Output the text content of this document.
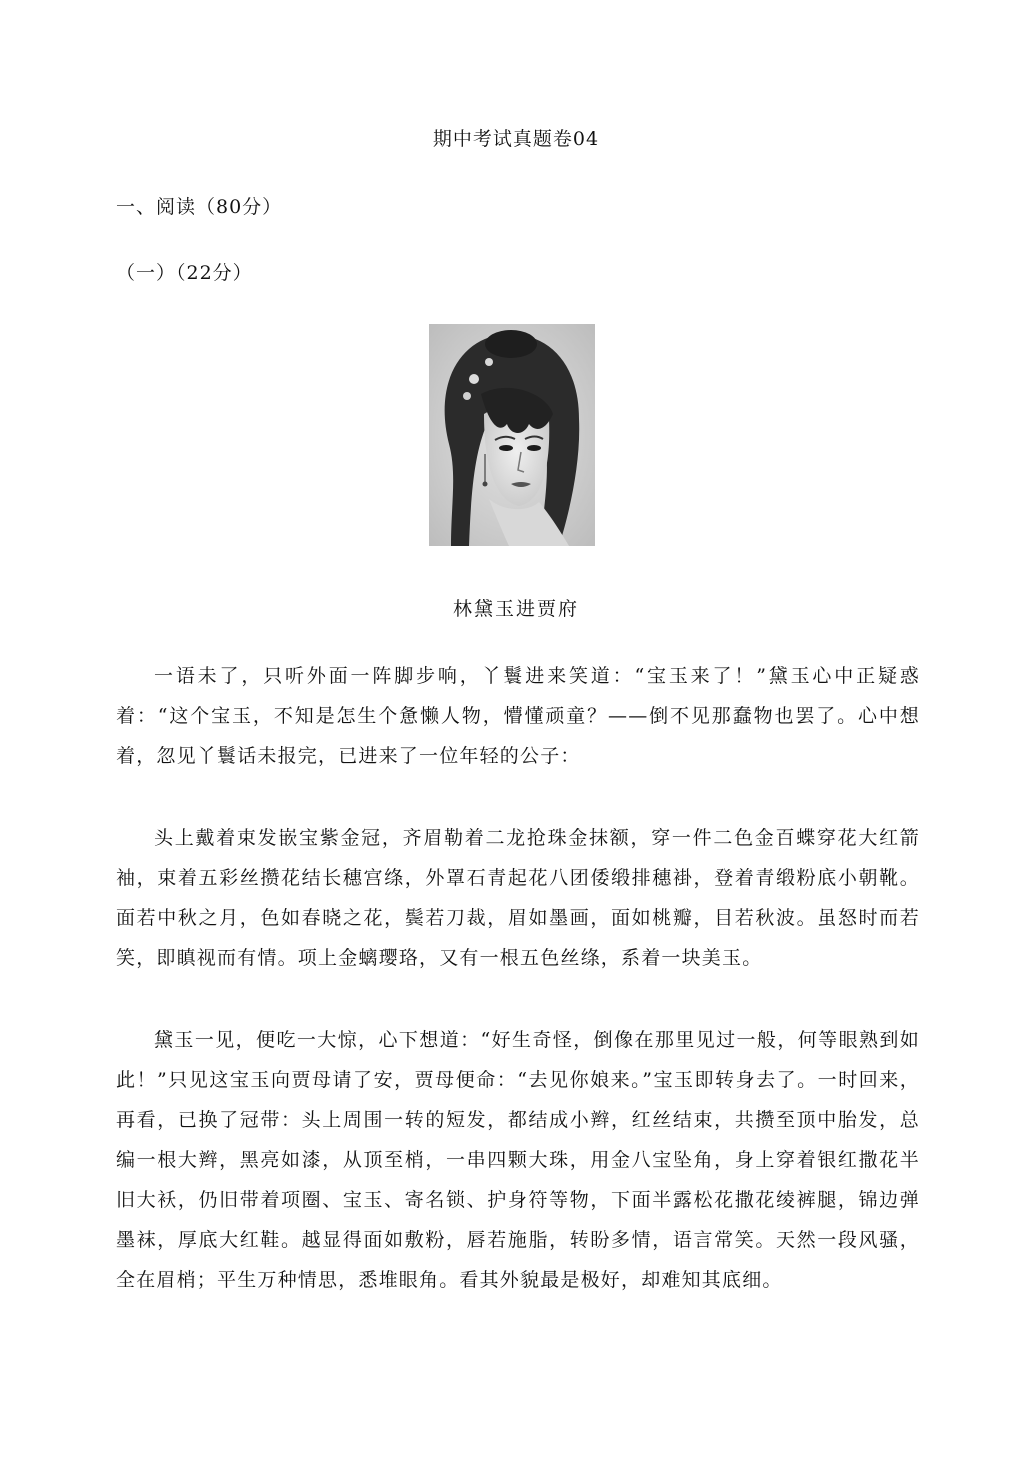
期中考试真题卷04
一、阅读（80分）
（一）（22分）
林黛玉进贾府

一语未了，只听外面一阵脚步响，丫鬟进来笑道：“宝玉来了！”黛玉心中正疑惑着：“这个宝玉，不知是怎生个惫懒人物，懵懂顽童？——倒不见那蠢物也罢了。心中想着，忽见丫鬟话未报完，已进来了一位年轻的公子：

头上戴着束发嵌宝紫金冠，齐眉勒着二龙抢珠金抹额，穿一件二色金百蝶穿花大红箭袖，束着五彩丝攒花结长穗宫绦，外罩石青起花八团倭缎排穗褂，登着青缎粉底小朝靴。面若中秋之月，色如春晓之花，鬓若刀裁，眉如墨画，面如桃瓣，目若秋波。虽怒时而若笑，即瞋视而有情。项上金螭璎珞，又有一根五色丝绦，系着一块美玉。

黛玉一见，便吃一大惊，心下想道：“好生奇怪，倒像在那里见过一般，何等眼熟到如此！”只见这宝玉向贾母请了安，贾母便命：“去见你娘来。”宝玉即转身去了。一时回来，再看，已换了冠带：头上周围一转的短发，都结成小辫，红丝结束，共攒至顶中胎发，总编一根大辫，黑亮如漆，从顶至梢，一串四颗大珠，用金八宝坠角，身上穿着银红撒花半旧大袄，仍旧带着项圈、宝玉、寄名锁、护身符等物，下面半露松花撒花绫裤腿，锦边弹墨袜，厚底大红鞋。越显得面如敷粉，唇若施脂，转盼多情，语言常笑。天然一段风骚，全在眉梢；平生万种情思，悉堆眼角。看其外貌最是极好，却难知其底细。
